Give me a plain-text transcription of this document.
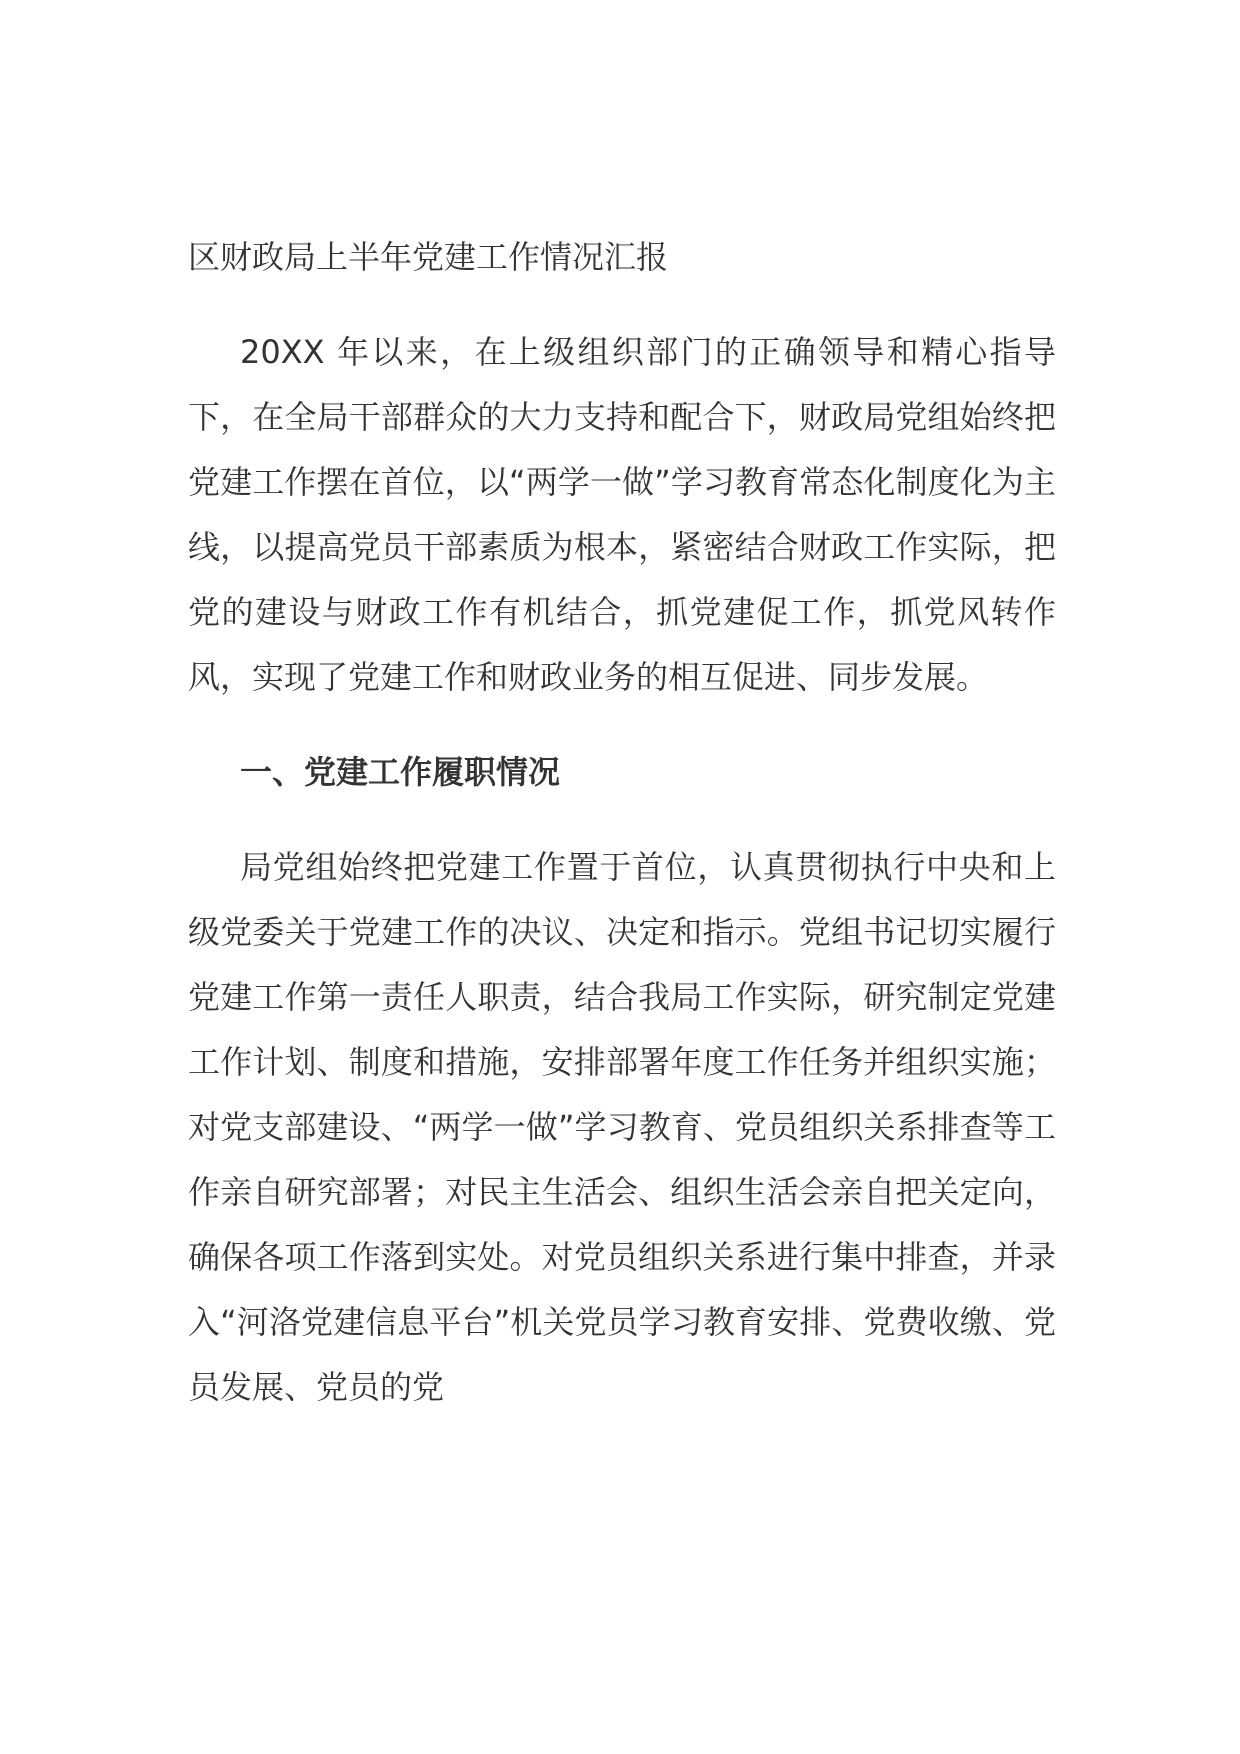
区财政局上半年党建工作情况汇报

20XX 年以来，在上级组织部门的正确领导和精心指导下，在全局干部群众的大力支持和配合下，财政局党组始终把党建工作摆在首位，以“两学一做”学习教育常态化制度化为主线，以提高党员干部素质为根本，紧密结合财政工作实际，把党的建设与财政工作有机结合，抓党建促工作，抓党风转作风，实现了党建工作和财政业务的相互促进、同步发展。

一、党建工作履职情况

局党组始终把党建工作置于首位，认真贯彻执行中央和上级党委关于党建工作的决议、决定和指示。党组书记切实履行党建工作第一责任人职责，结合我局工作实际，研究制定党建工作计划、制度和措施，安排部署年度工作任务并组织实施；对党支部建设、“两学一做”学习教育、党员组织关系排查等工作亲自研究部署；对民主生活会、组织生活会亲自把关定向，确保各项工作落到实处。对党员组织关系进行集中排查，并录入“河洛党建信息平台”机关党员学习教育安排、党费收缴、党员发展、党员的党
